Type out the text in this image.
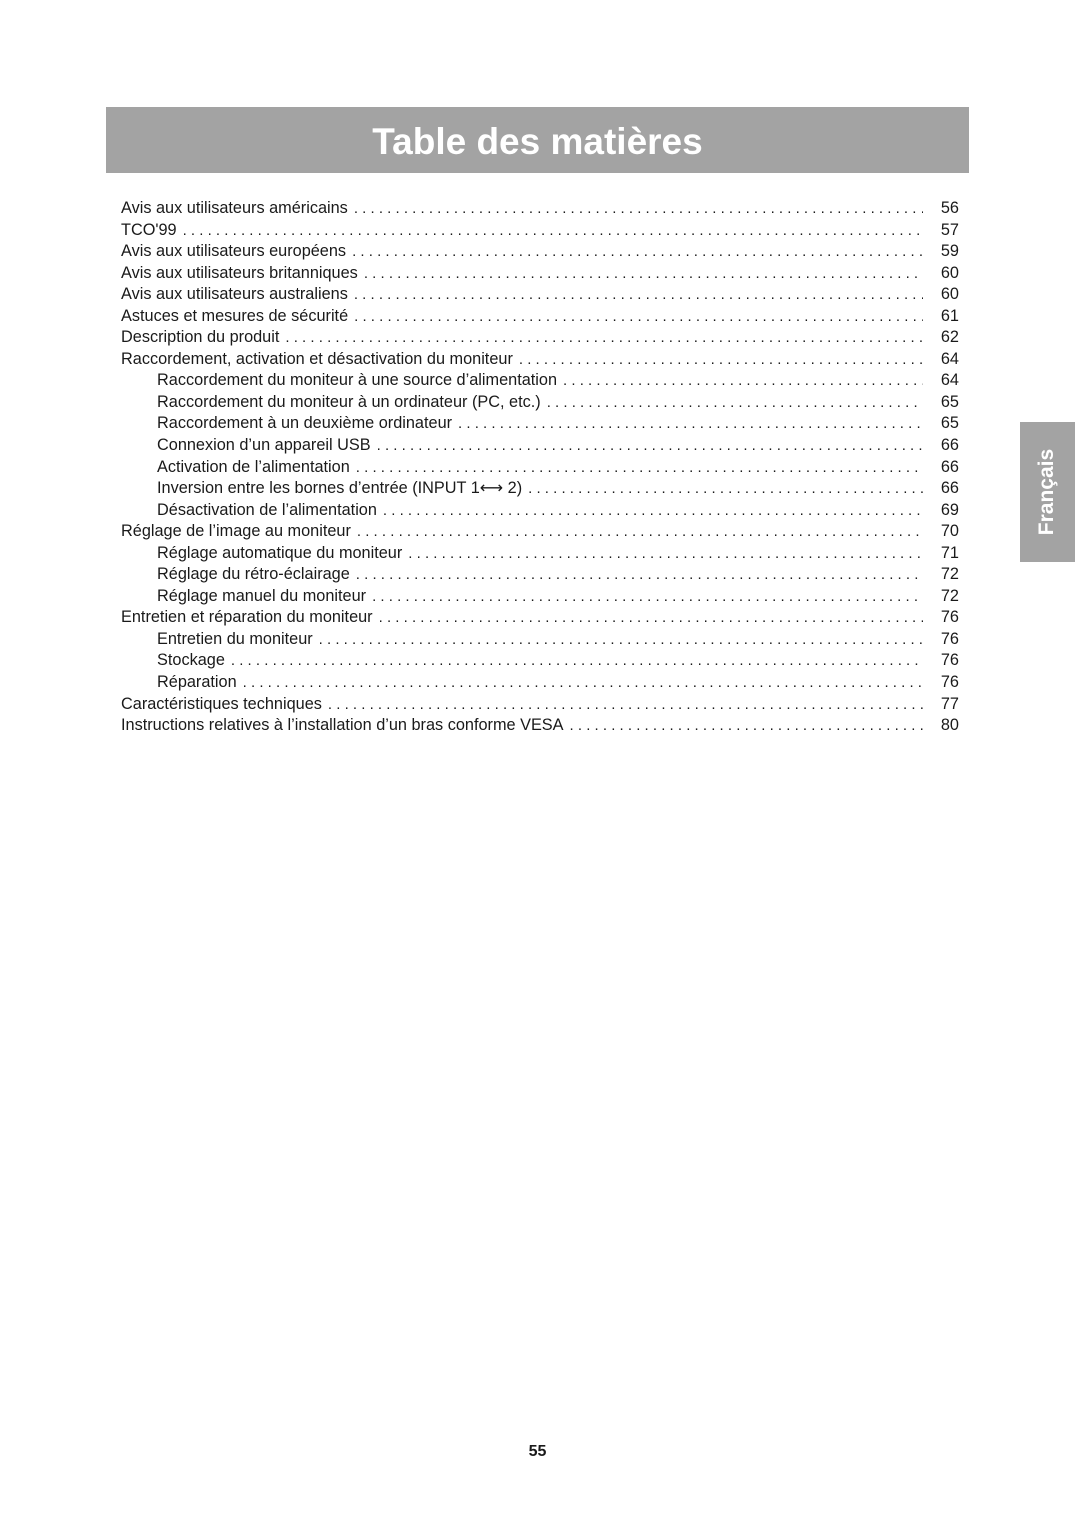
Table des matières
Avis aux utilisateurs américains . . .	56
TCO'99 . . .	57
Avis aux utilisateurs européens . . .	59
Avis aux utilisateurs britanniques . . .	60
Avis aux utilisateurs australiens . . .	60
Astuces et mesures de sécurité . . .	61
Description du produit . . .	62
Raccordement, activation et désactivation du moniteur . . .	64
Raccordement du moniteur à une source d’alimentation . . .	64
Raccordement du moniteur à un ordinateur (PC, etc.) . . .	65
Raccordement à un deuxième ordinateur . . .	65
Connexion d’un appareil USB . . .	66
Activation de l’alimentation . . .	66
Inversion entre les bornes d’entrée (INPUT 1⟷ 2) . . .	66
Désactivation de l’alimentation . . .	69
Réglage de l’image au moniteur . . .	70
Réglage automatique du moniteur . . .	71
Réglage du rétro-éclairage . . .	72
Réglage manuel du moniteur . . .	72
Entretien et réparation du moniteur . . .	76
Entretien du moniteur . . .	76
Stockage . . .	76
Réparation . . .	76
Caractéristiques techniques . . .	77
Instructions relatives à l’installation d’un bras conforme VESA . . .	80
Français
55
